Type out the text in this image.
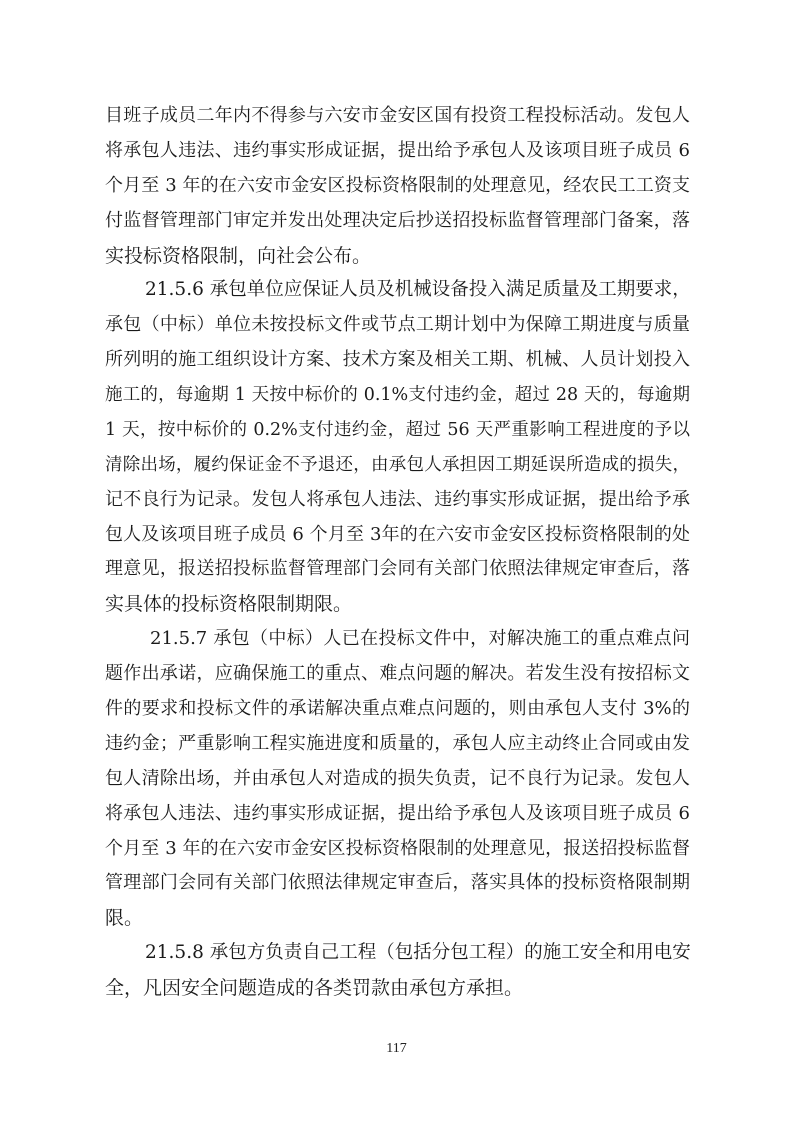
目班子成员二年内不得参与六安市金安区国有投资工程投标活动。发包人
将承包人违法、违约事实形成证据，提出给予承包人及该项目班子成员 6
个月至 3 年的在六安市金安区投标资格限制的处理意见，经农民工工资支
付监督管理部门审定并发出处理决定后抄送招投标监督管理部门备案，落
实投标资格限制，向社会公布。
21.5.6 承包单位应保证人员及机械设备投入满足质量及工期要求，
承包（中标）单位未按投标文件或节点工期计划中为保障工期进度与质量
所列明的施工组织设计方案、技术方案及相关工期、机械、人员计划投入
施工的，每逾期 1 天按中标价的 0.1%支付违约金，超过 28 天的，每逾期
1 天，按中标价的 0.2%支付违约金，超过 56 天严重影响工程进度的予以
清除出场，履约保证金不予退还，由承包人承担因工期延误所造成的损失，
记不良行为记录。发包人将承包人违法、违约事实形成证据，提出给予承
包人及该项目班子成员 6 个月至 3年的在六安市金安区投标资格限制的处
理意见，报送招投标监督管理部门会同有关部门依照法律规定审查后，落
实具体的投标资格限制期限。
21.5.7 承包（中标）人已在投标文件中，对解决施工的重点难点问
题作出承诺，应确保施工的重点、难点问题的解决。若发生没有按招标文
件的要求和投标文件的承诺解决重点难点问题的，则由承包人支付 3%的
违约金；严重影响工程实施进度和质量的，承包人应主动终止合同或由发
包人清除出场，并由承包人对造成的损失负责，记不良行为记录。发包人
将承包人违法、违约事实形成证据，提出给予承包人及该项目班子成员 6
个月至 3 年的在六安市金安区投标资格限制的处理意见，报送招投标监督
管理部门会同有关部门依照法律规定审查后，落实具体的投标资格限制期
限。
21.5.8 承包方负责自己工程（包括分包工程）的施工安全和用电安
全，凡因安全问题造成的各类罚款由承包方承担。
117
